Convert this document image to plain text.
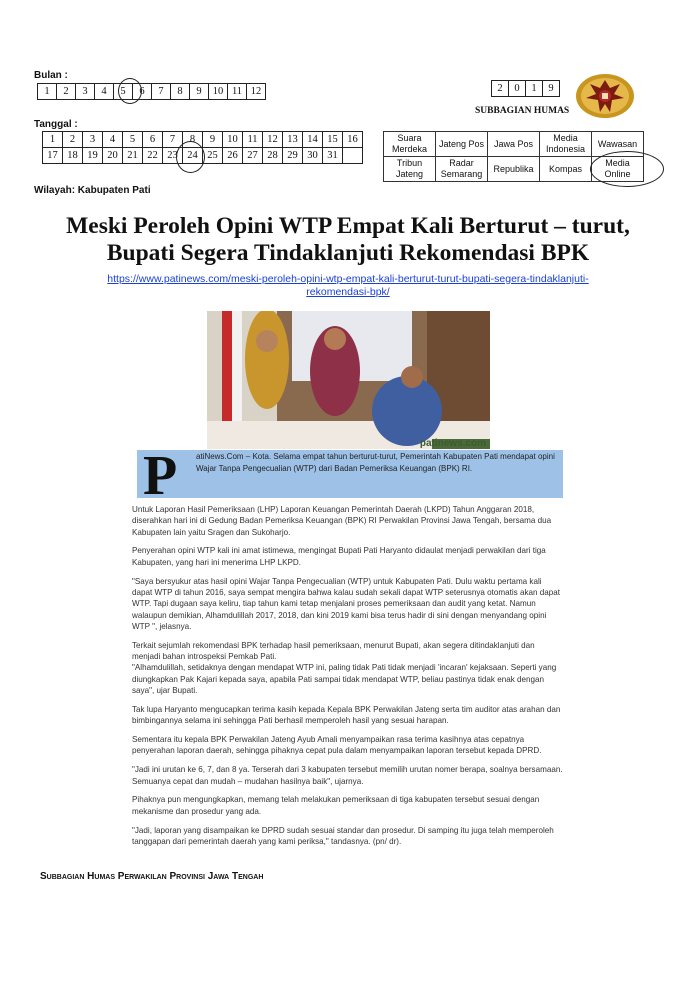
Bulan :
1	2	3	4	5	6	7	8	9	10	11	12
Tanggal :
1	2	3	4	5	6	7	8	9	10	11	12	13	14	15	16
17	18	19	20	21	22	23	24	25	26	27	28	29	30	31	
Wilayah: Kabupaten Pati
2	0	1	9
SUBBAGIAN HUMAS
Suara Merdeka	Jateng Pos	Jawa Pos	Media Indonesia	Wawasan
Tribun Jateng	Radar Semarang	Republika	Kompas	Media Online
Meski Peroleh Opini WTP Empat Kali Berturut – turut,
Bupati Segera Tindaklanjuti Rekomendasi BPK
https://www.patinews.com/meski-peroleh-opini-wtp-empat-kali-berturut-turut-bupati-segera-tindaklanjuti-
rekomendasi-bpk/
patinews.com
P atiNews.Com – Kota. Selama empat tahun berturut-turut, Pemerintah Kabupaten Pati mendapat opini Wajar Tanpa Pengecualian (WTP) dari Badan Pemeriksa Keuangan (BPK) RI.

Untuk Laporan Hasil Pemeriksaan (LHP) Laporan Keuangan Pemerintah Daerah (LKPD) Tahun Anggaran 2018, diserahkan hari ini di Gedung Badan Pemeriksa Keuangan (BPK) RI Perwakilan Provinsi Jawa Tengah, bersama dua Kabupaten lain yaitu Sragen dan Sukoharjo.

Penyerahan opini WTP kali ini amat istimewa, mengingat Bupati Pati Haryanto didaulat menjadi perwakilan dari tiga Kabupaten, yang hari ini menerima LHP LKPD.

"Saya bersyukur atas hasil opini Wajar Tanpa Pengecualian (WTP) untuk Kabupaten Pati. Dulu waktu pertama kali dapat WTP di tahun 2016, saya sempat mengira bahwa kalau sudah sekali dapat WTP seterusnya otomatis akan dapat WTP. Tapi dugaan saya keliru, tiap tahun kami tetap menjalani proses pemeriksaan dan audit yang ketat. Namun walaupun demikian, Alhamdulillah 2017, 2018, dan kini 2019 kami bisa terus hadir di sini dengan menyandang opini WTP ", jelasnya.

Terkait sejumlah rekomendasi BPK terhadap hasil pemeriksaan, menurut Bupati, akan segera ditindaklanjuti dan menjadi bahan introspeksi Pemkab Pati.
"Alhamdulillah, setidaknya dengan mendapat WTP ini, paling tidak Pati tidak menjadi 'incaran' kejaksaan. Seperti yang diungkapkan Pak Kajari kepada saya, apabila Pati sampai tidak mendapat WTP, beliau pastinya tidak enak dengan saya", ujar Bupati.

Tak lupa Haryanto mengucapkan terima kasih kepada Kepala BPK Perwakilan Jateng serta tim auditor atas arahan dan bimbingannya selama ini sehingga Pati berhasil memperoleh hasil yang sesuai harapan.

Sementara itu kepala BPK Perwakilan Jateng Ayub Amali menyampaikan rasa terima kasihnya atas cepatnya penyerahan laporan daerah, sehingga pihaknya cepat pula dalam menyampaikan laporan tersebut kepada DPRD.

"Jadi ini urutan ke 6, 7, dan 8 ya. Terserah dari 3 kabupaten tersebut memilih urutan nomer berapa, soalnya bersamaan. Semuanya cepat dan mudah – mudahan hasilnya baik", ujarnya.

Pihaknya pun mengungkapkan, memang telah melakukan pemeriksaan di tiga kabupaten tersebut sesuai dengan mekanisme dan prosedur yang ada.

"Jadi, laporan yang disampaikan ke DPRD sudah sesuai standar dan prosedur. Di samping itu juga telah memperoleh tanggapan dari pemerintah daerah yang kami periksa," tandasnya. (pn/ dr).

Subbagian Humas Perwakilan Provinsi Jawa Tengah
